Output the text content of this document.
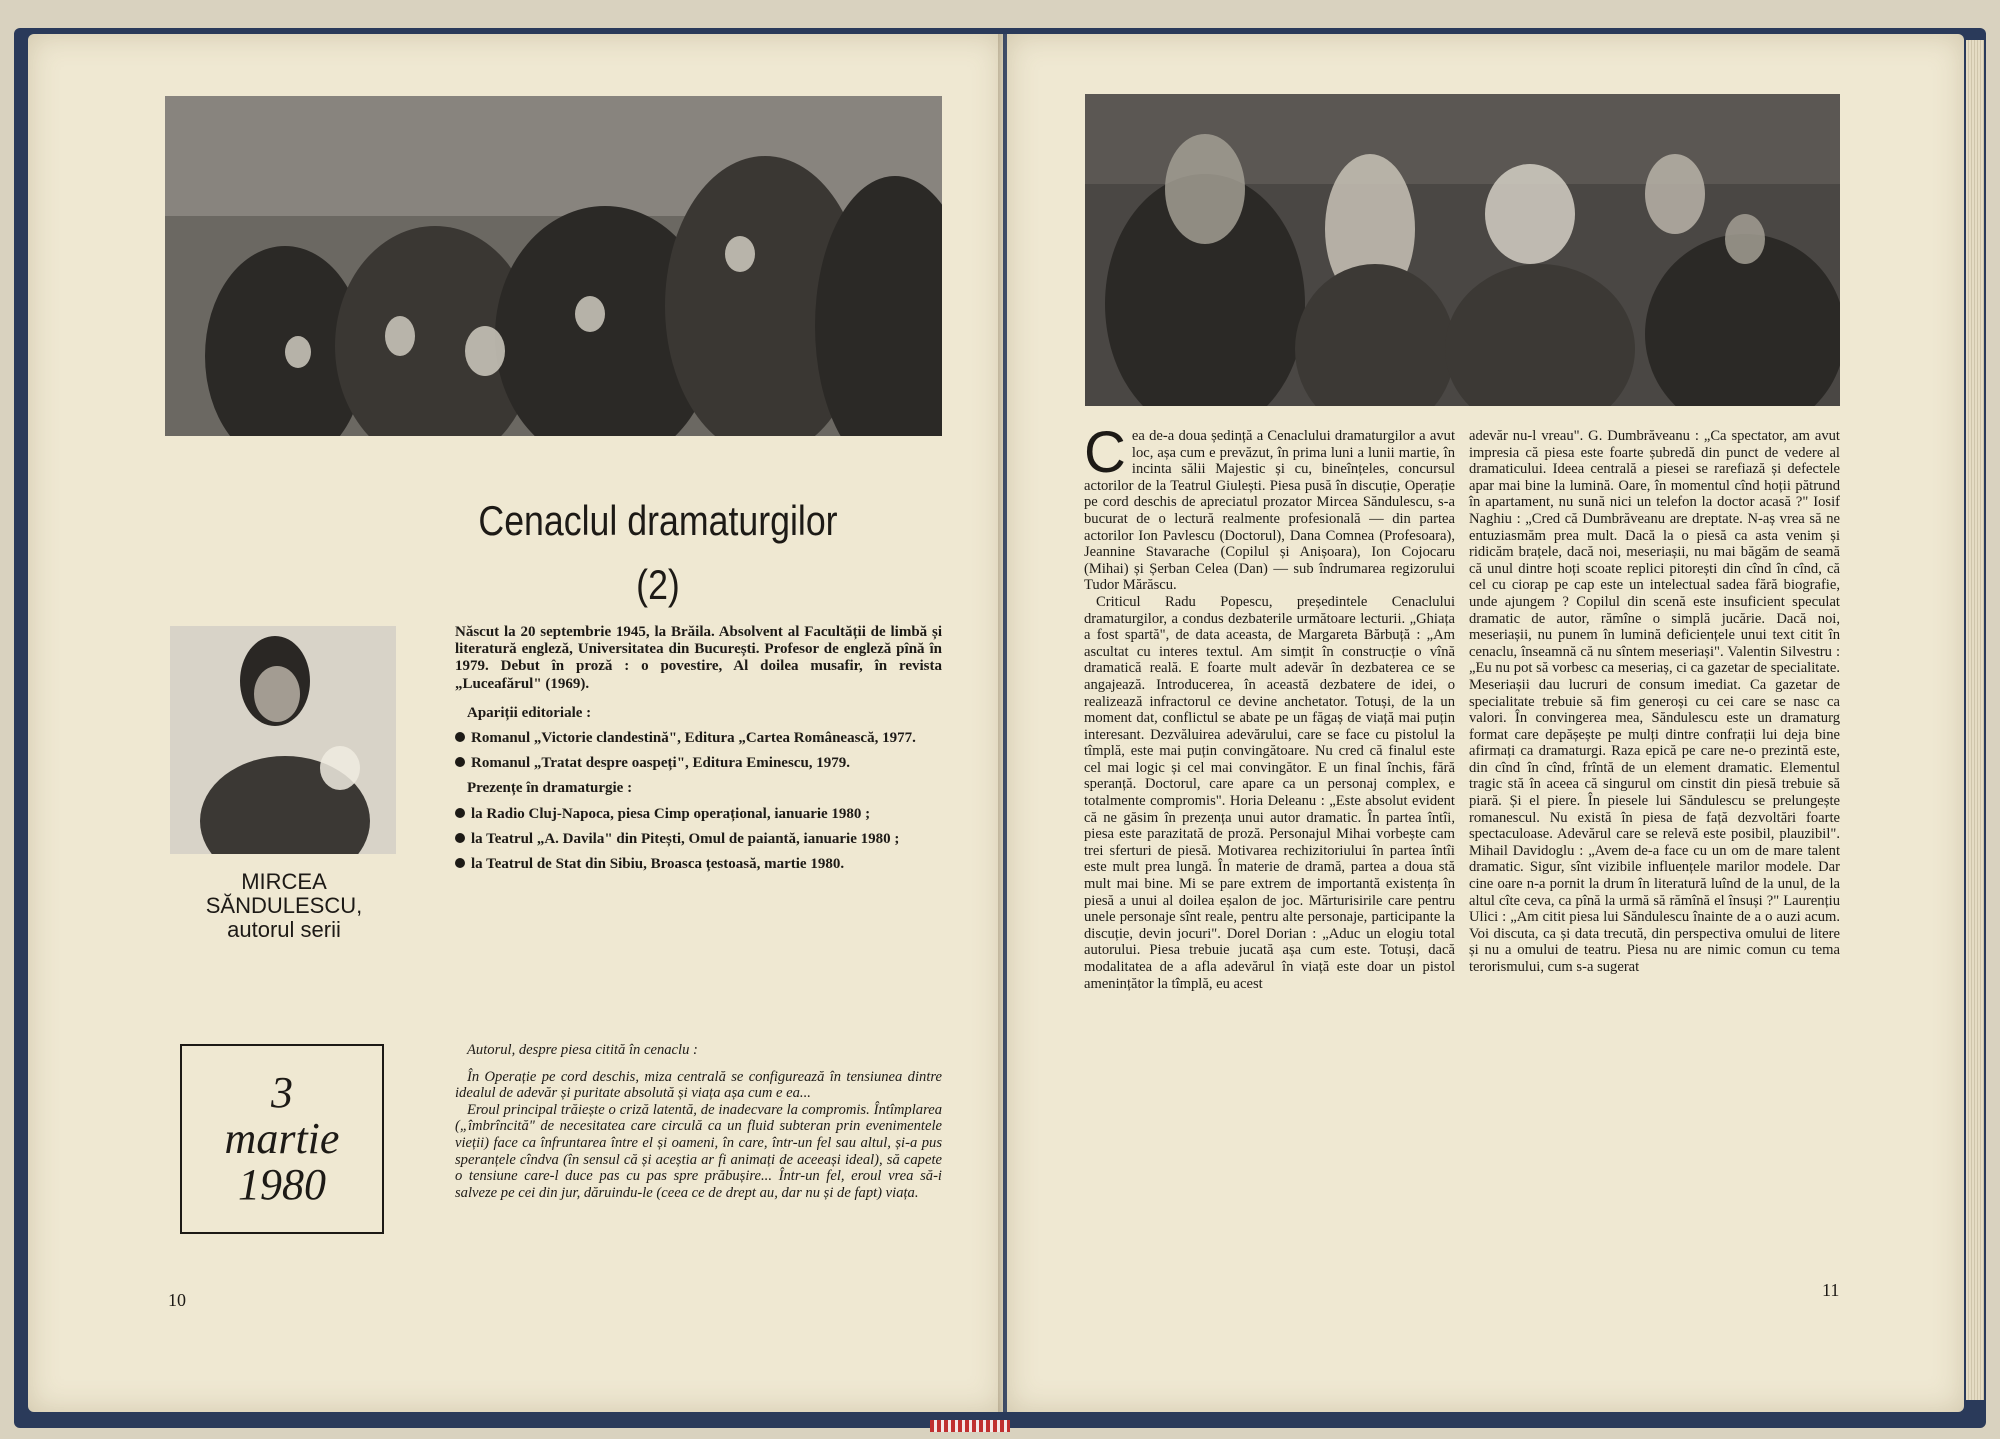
Cenaclul dramaturgilor
(2)
MIRCEA SĂNDULESCU,
autorul serii
3
martie
1980

Născut la 20 septembrie 1945, la Brăila. Absolvent al Facultății de limbă și literatură engleză, Universitatea din București. Profesor de engleză pînă în 1979. Debut în proză : o povestire, Al doilea musafir, în revista „Luceafărul" (1969).

Apariții editoriale :

Romanul „Victorie clandestină", Editura „Cartea Românească, 1977.

Romanul „Tratat despre oaspeți", Editura Eminescu, 1979.

Prezențe în dramaturgie :

la Radio Cluj-Napoca, piesa Cimp operațional, ianuarie 1980 ;

la Teatrul „A. Davila" din Pitești, Omul de paiantă, ianuarie 1980 ;

la Teatrul de Stat din Sibiu, Broasca țestoasă, martie 1980.

Autorul, despre piesa citită în cenaclu :

În Operație pe cord deschis, miza centrală se configurează în tensiunea dintre idealul de adevăr și puritate absolută și viața așa cum e ea...

Eroul principal trăiește o criză latentă, de inadecvare la compromis. Întîmplarea („îmbrîncită" de necesitatea care circulă ca un fluid subteran prin evenimentele vieții) face ca înfruntarea între el și oameni, în care, într-un fel sau altul, și-a pus speranțele cîndva (în sensul că și aceștia ar fi animați de aceeași ideal), să capete o tensiune care-l duce pas cu pas spre prăbușire... Într-un fel, eroul vrea să-i salveze pe cei din jur, dăruindu-le (ceea ce de drept au, dar nu și de fapt) viața.

10

Cea de-a doua ședință a Cenaclului dramaturgilor a avut loc, așa cum e prevăzut, în prima luni a lunii martie, în incinta sălii Majestic și cu, bineînțeles, concursul actorilor de la Teatrul Giulești. Piesa pusă în discuție, Operație pe cord deschis de apreciatul prozator Mircea Săndulescu, s-a bucurat de o lectură realmente profesională — din partea actorilor Ion Pavlescu (Doctorul), Dana Comnea (Profesoara), Jeannine Stavarache (Copilul și Anișoara), Ion Cojocaru (Mihai) și Șerban Celea (Dan) — sub îndrumarea regizorului Tudor Mărăscu.

Criticul Radu Popescu, președintele Cenaclului dramaturgilor, a condus dezbaterile următoare lecturii. „Ghiața a fost spartă", de data aceasta, de Margareta Bărbuță : „Am ascultat cu interes textul. Am simțit în construcție o vînă dramatică reală. E foarte mult adevăr în dezbaterea ce se angajează. Introducerea, în această dezbatere de idei, o realizează infractorul ce devine anchetator. Totuși, de la un moment dat, conflictul se abate pe un făgaș de viață mai puțin interesant. Dezvăluirea adevărului, care se face cu pistolul la tîmplă, este mai puțin convingătoare. Nu cred că finalul este cel mai logic și cel mai convingător. E un final închis, fără speranță. Doctorul, care apare ca un personaj complex, e totalmente compromis". Horia Deleanu : „Este absolut evident că ne găsim în prezența unui autor dramatic. În partea întîi, piesa este parazitată de proză. Personajul Mihai vorbește cam trei sferturi de piesă. Motivarea rechizitoriului în partea întîi este mult prea lungă. În materie de dramă, partea a doua stă mult mai bine. Mi se pare extrem de importantă existența în piesă a unui al doilea eșalon de joc. Mărturisirile care pentru unele personaje sînt reale, pentru alte personaje, participante la discuție, devin jocuri". Dorel Dorian : „Aduc un elogiu total autorului. Piesa trebuie jucată așa cum este. Totuși, dacă modalitatea de a afla adevărul în viață este doar un pistol amenințător la tîmplă, eu acest

adevăr nu-l vreau". G. Dumbrăveanu : „Ca spectator, am avut impresia că piesa este foarte șubredă din punct de vedere al dramaticului. Ideea centrală a piesei se rarefiază și defectele apar mai bine la lumină. Oare, în momentul cînd hoții pătrund în apartament, nu sună nici un telefon la doctor acasă ?" Iosif Naghiu : „Cred că Dumbrăveanu are dreptate. N-aș vrea să ne entuziasmăm prea mult. Dacă la o piesă ca asta venim și ridicăm brațele, dacă noi, meseriașii, nu mai băgăm de seamă că unul dintre hoți scoate replici pitorești din cînd în cînd, că cel cu ciorap pe cap este un intelectual sadea fără biografie, unde ajungem ? Copilul din scenă este insuficient speculat dramatic de autor, rămîne o simplă jucărie. Dacă noi, meseriașii, nu punem în lumină deficiențele unui text citit în cenaclu, înseamnă că nu sîntem meseriași". Valentin Silvestru : „Eu nu pot să vorbesc ca meseriaș, ci ca gazetar de specialitate. Meseriașii dau lucruri de consum imediat. Ca gazetar de specialitate trebuie să fim generoși cu cei care se nasc ca valori. În convingerea mea, Săndulescu este un dramaturg format care depășește pe mulți dintre confrații lui deja bine afirmați ca dramaturgi. Raza epică pe care ne-o prezintă este, din cînd în cînd, frîntă de un element dramatic. Elementul tragic stă în aceea că singurul om cinstit din piesă trebuie să piară. Și el piere. În piesele lui Săndulescu se prelungește romanescul. Nu există în piesa de față dezvoltări foarte spectaculoase. Adevărul care se relevă este posibil, plauzibil". Mihail Davidoglu : „Avem de-a face cu un om de mare talent dramatic. Sigur, sînt vizibile influențele marilor modele. Dar cine oare n-a pornit la drum în literatură luînd de la unul, de la altul cîte ceva, ca pînă la urmă să rămînă el însuși ?" Laurențiu Ulici : „Am citit piesa lui Săndulescu înainte de a o auzi acum. Voi discuta, ca și data trecută, din perspectiva omului de litere și nu a omului de teatru. Piesa nu are nimic comun cu tema terorismului, cum s-a sugerat

11
